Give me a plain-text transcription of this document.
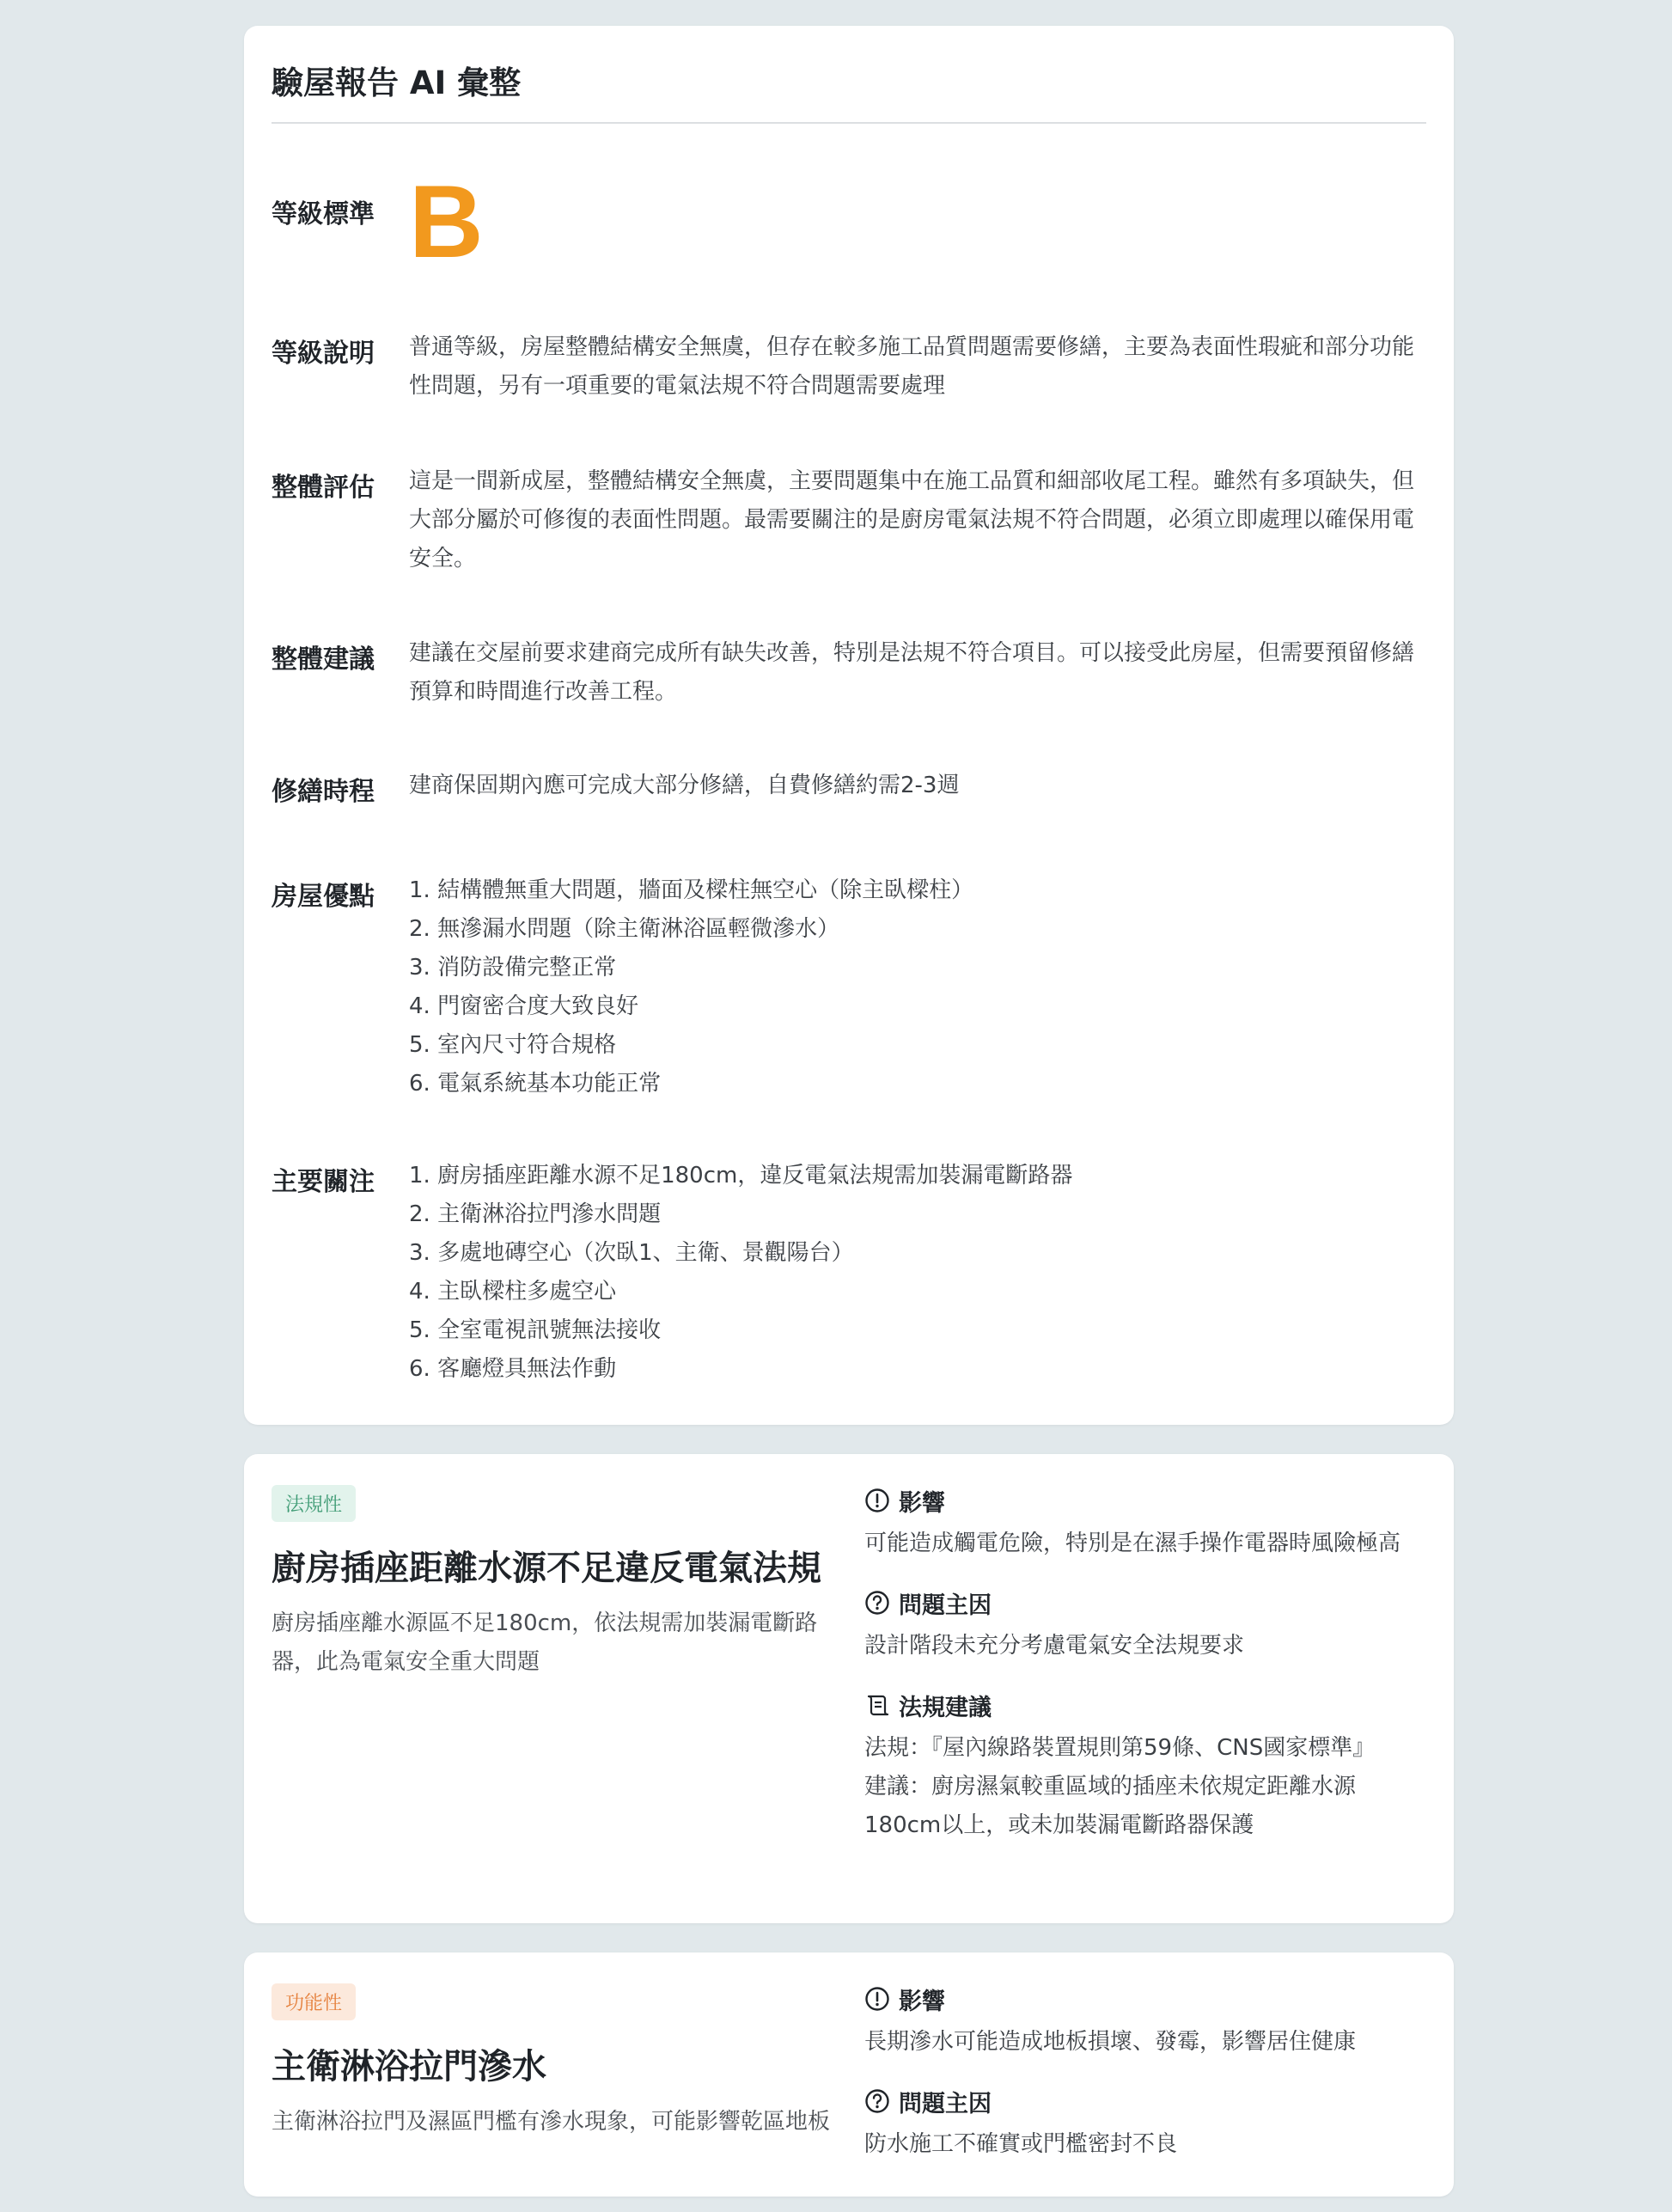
驗屋報告 AI 彙整
等級標準 B
等級說明	普通等級，房屋整體結構安全無虞，但存在較多施工品質問題需要修繕，主要為表面性瑕疵和部分功能性問題，另有一項重要的電氣法規不符合問題需要處理
整體評估	這是一間新成屋，整體結構安全無虞，主要問題集中在施工品質和細部收尾工程。雖然有多項缺失，但大部分屬於可修復的表面性問題。最需要關注的是廚房電氣法規不符合問題，必須立即處理以確保用電安全。
整體建議	建議在交屋前要求建商完成所有缺失改善，特別是法規不符合項目。可以接受此房屋，但需要預留修繕預算和時間進行改善工程。
修繕時程	建商保固期內應可完成大部分修繕，自費修繕約需2-3週
房屋優點	1. 結構體無重大問題，牆面及樑柱無空心（除主臥樑柱）
2. 無滲漏水問題（除主衛淋浴區輕微滲水）
3. 消防設備完整正常
4. 門窗密合度大致良好
5. 室內尺寸符合規格
6. 電氣系統基本功能正常
主要關注	1. 廚房插座距離水源不足180cm，違反電氣法規需加裝漏電斷路器
2. 主衛淋浴拉門滲水問題
3. 多處地磚空心（次臥1、主衛、景觀陽台）
4. 主臥樑柱多處空心
5. 全室電視訊號無法接收
6. 客廳燈具無法作動
法規性
廚房插座距離水源不足違反電氣法規
廚房插座離水源區不足180cm，依法規需加裝漏電斷路器，此為電氣安全重大問題
影響
可能造成觸電危險，特別是在濕手操作電器時風險極高
問題主因
設計階段未充分考慮電氣安全法規要求
法規建議
法規：『屋內線路裝置規則第59條、CNS國家標準』
建議：廚房濕氣較重區域的插座未依規定距離水源180cm以上，或未加裝漏電斷路器保護
功能性
主衛淋浴拉門滲水
主衛淋浴拉門及濕區門檻有滲水現象，可能影響乾區地板
影響
長期滲水可能造成地板損壞、發霉，影響居住健康
問題主因
防水施工不確實或門檻密封不良
